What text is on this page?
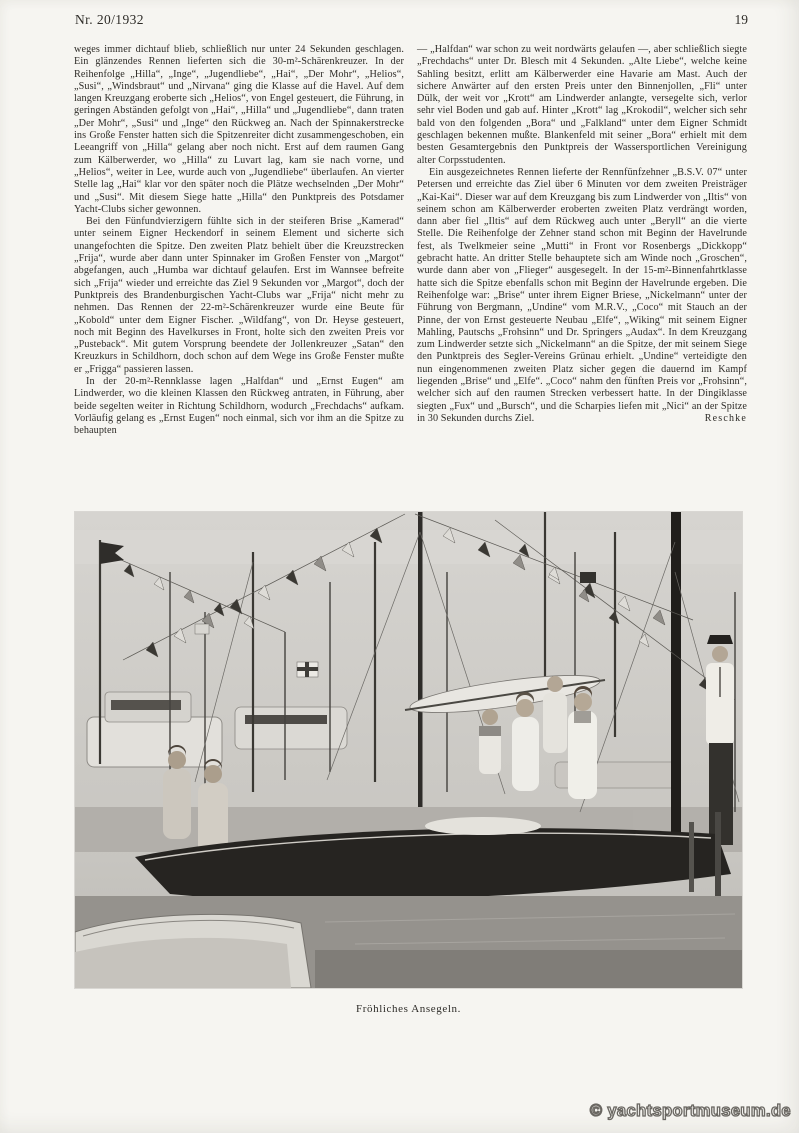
Nr. 20/1932	19

weges immer dichtauf blieb, schließlich nur unter 24 Sekunden geschlagen. Ein glänzendes Rennen lieferten sich die 30-m²-Schärenkreuzer. In der Reihenfolge „Hilla“, „Inge“, „Jugendliebe“, „Hai“, „Der Mohr“, „Helios“, „Susi“, „Windsbraut“ und „Nirvana“ ging die Klasse auf die Havel. Auf dem langen Kreuzgang eroberte sich „Helios“, von Engel gesteuert, die Führung, in geringen Abständen gefolgt von „Hai“, „Hilla“ und „Jugendliebe“, dann traten „Der Mohr“, „Susi“ und „Inge“ den Rückweg an. Nach der Spinnakerstrecke ins Große Fenster hatten sich die Spitzenreiter dicht zusammengeschoben, ein Leeangriff von „Hilla“ gelang aber noch nicht. Erst auf dem raumen Gang zum Kälberwerder, wo „Hilla“ zu Luvart lag, kam sie nach vorne, und „Helios“, weiter in Lee, wurde auch von „Jugendliebe“ überlaufen. An vierter Stelle lag „Hai“ klar vor den später noch die Plätze wechselnden „Der Mohr“ und „Susi“. Mit diesem Siege hatte „Hilla“ den Punktpreis des Potsdamer Yacht-Clubs sicher gewonnen.

Bei den Fünfundvierzigern fühlte sich in der steiferen Brise „Kamerad“ unter seinem Eigner Heckendorf in seinem Element und sicherte sich unangefochten die Spitze. Den zweiten Platz behielt über die Kreuzstrecken „Frija“, wurde aber dann unter Spinnaker im Großen Fenster von „Margot“ abgefangen, auch „Humba war dichtauf gelaufen. Erst im Wannsee befreite sich „Frija“ wieder und erreichte das Ziel 9 Sekunden vor „Margot“, doch der Punktpreis des Brandenburgischen Yacht-Clubs war „Frija“ nicht mehr zu nehmen. Das Rennen der 22-m²-Schärenkreuzer wurde eine Beute für „Kobold“ unter dem Eigner Fischer. „Wildfang“, von Dr. Heyse gesteuert, noch mit Beginn des Havelkurses in Front, holte sich den zweiten Preis vor „Pusteback“. Mit gutem Vorsprung beendete der Jollenkreuzer „Satan“ den Kreuzkurs in Schildhorn, doch schon auf dem Wege ins Große Fenster mußte er „Frigga“ passieren lassen.

In der 20-m²-Rennklasse lagen „Halfdan“ und „Ernst Eugen“ am Lindwerder, wo die kleinen Klassen den Rückweg antraten, in Führung, aber beide segelten weiter in Richtung Schildhorn, wodurch „Frechdachs“ aufkam. Vorläufig gelang es „Ernst Eugen“ noch einmal, sich vor ihm an die Spitze zu behaupten

— „Halfdan“ war schon zu weit nordwärts gelaufen —, aber schließlich siegte „Frechdachs“ unter Dr. Blesch mit 4 Sekunden. „Alte Liebe“, welche keine Sahling besitzt, erlitt am Kälberwerder eine Havarie am Mast. Auch der sichere Anwärter auf den ersten Preis unter den Binnenjollen, „Fli“ unter Dülk, der weit vor „Krott“ am Lindwerder anlangte, versegelte sich, verlor sehr viel Boden und gab auf. Hinter „Krott“ lag „Krokodil“, welcher sich sehr bald von den folgenden „Bora“ und „Falkland“ unter dem Eigner Schmidt geschlagen bekennen mußte. Blankenfeld mit seiner „Bora“ erhielt mit dem besten Gesamtergebnis den Punktpreis der Wassersportlichen Vereinigung alter Corpsstudenten.

Ein ausgezeichnetes Rennen lieferte der Rennfünfzehner „B.S.V. 07“ unter Petersen und erreichte das Ziel über 6 Minuten vor dem zweiten Preisträger „Kai-Kai“. Dieser war auf dem Kreuzgang bis zum Lindwerder von „Iltis“ von seinem schon am Kälberwerder eroberten zweiten Platz verdrängt worden, dann aber fiel „Iltis“ auf dem Rückweg auch unter „Beryll“ an die vierte Stelle. Die Reihenfolge der Zehner stand schon mit Beginn der Havelrunde fest, als Twelkmeier seine „Mutti“ in Front vor Rosenbergs „Dickkopp“ gebracht hatte. An dritter Stelle behauptete sich am Winde noch „Groschen“, wurde dann aber von „Flieger“ ausgesegelt. In der 15-m²-Binnenfahrtklasse hatte sich die Spitze ebenfalls schon mit Beginn der Havelrunde ergeben. Die Reihenfolge war: „Brise“ unter ihrem Eigner Briese, „Nickelmann“ unter der Führung von Bergmann, „Undine“ vom M.R.V., „Coco“ mit Stauch an der Pinne, der von Ernst gesteuerte Neubau „Elfe“, „Wiking“ mit seinem Eigner Mahling, Pautschs „Frohsinn“ und Dr. Springers „Audax“. In dem Kreuzgang zum Lindwerder setzte sich „Nickelmann“ an die Spitze, der mit seinem Siege den Punktpreis des Segler-Vereins Grünau erhielt. „Undine“ verteidigte den nun eingenommenen zweiten Platz sicher gegen die dauernd im Kampf liegenden „Brise“ und „Elfe“. „Coco“ nahm den fünften Preis vor „Frohsinn“, welcher sich auf den raumen Strecken verbessert hatte. In der Dingiklasse siegten „Fux“ und „Bursch“, und die Scharpies liefen mit „Nici“ an der Spitze in 30 Sekunden durchs Ziel.	Reschke
Fröhliches Ansegeln.
© yachtsportmuseum.de
